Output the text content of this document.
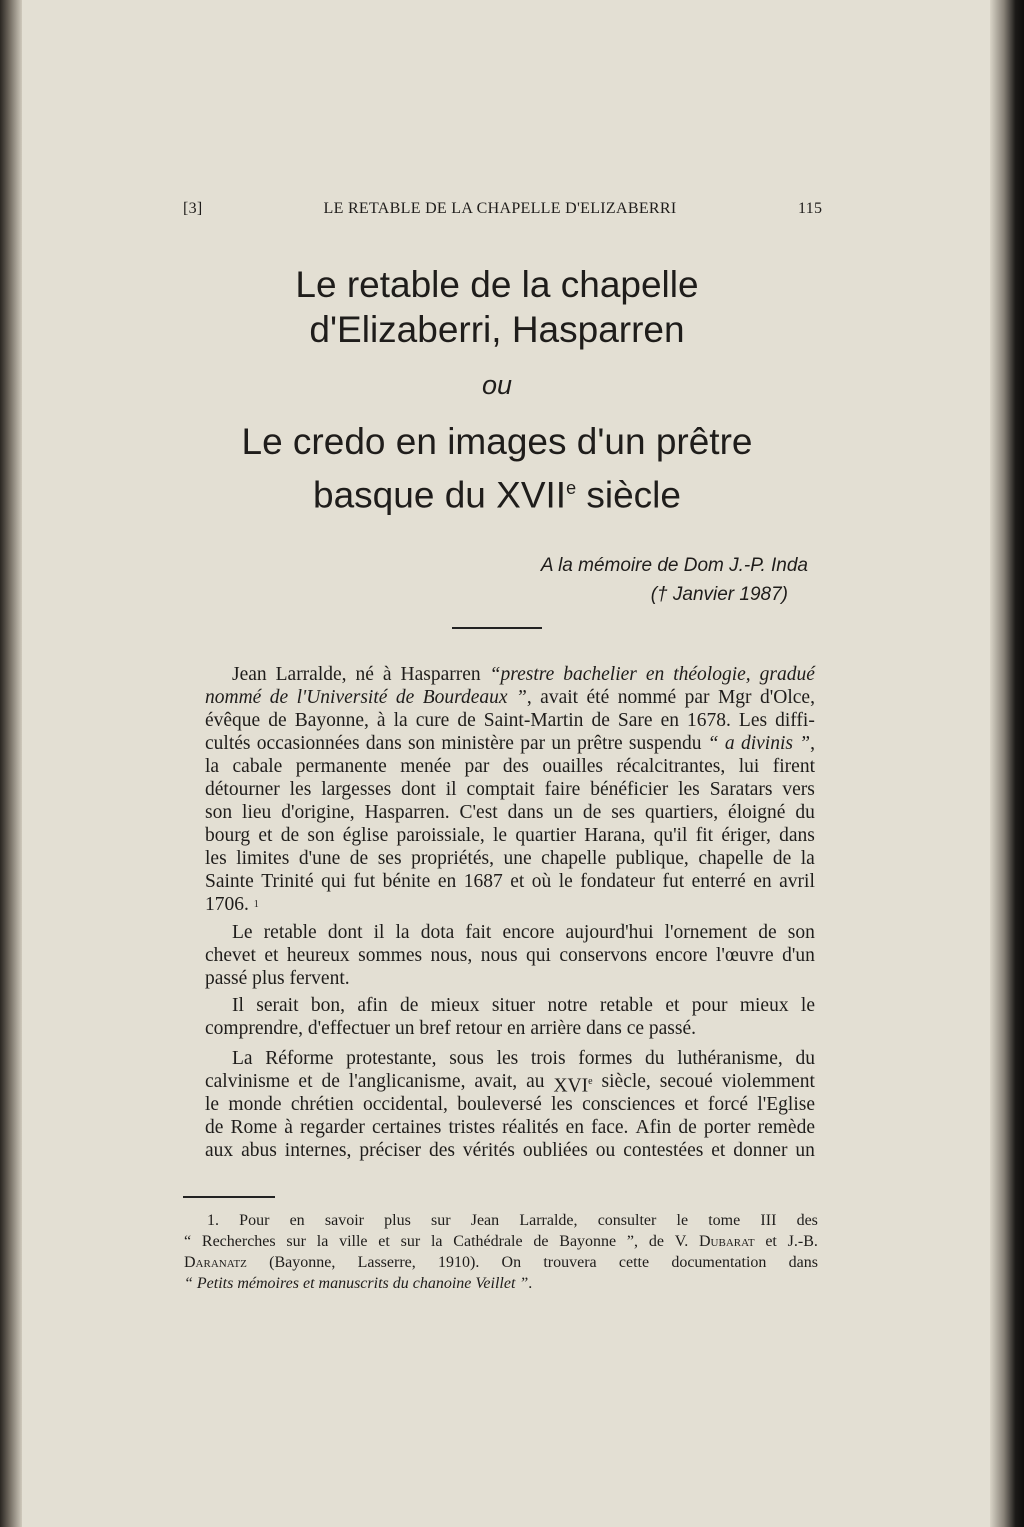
[3]	LE RETABLE DE LA CHAPELLE D'ELIZABERRI	115
Le retable de la chapelle
d'Elizaberri, Hasparren
ou
Le credo en images d'un prêtre
basque du XVIIe siècle
A la mémoire de Dom J.-P. Inda
(† Janvier 1987)
Jean Larralde, né à Hasparren “prestre bachelier en théologie, gradué
nommé de l'Université de Bourdeaux ”, avait été nommé par Mgr d'Olce,
évêque de Bayonne, à la cure de Saint-Martin de Sare en 1678. Les diffi-
cultés occasionnées dans son ministère par un prêtre suspendu “ a divinis ”,
la cabale permanente menée par des ouailles récalcitrantes, lui firent
détourner les largesses dont il comptait faire bénéficier les Saratars vers
son lieu d'origine, Hasparren. C'est dans un de ses quartiers, éloigné du
bourg et de son église paroissiale, le quartier Harana, qu'il fit ériger, dans
les limites d'une de ses propriétés, une chapelle publique, chapelle de la
Sainte Trinité qui fut bénite en 1687 et où le fondateur fut enterré en avril
1706. $^1$
Le retable dont il la dota fait encore aujourd'hui l'ornement de son
chevet et heureux sommes nous, nous qui conservons encore l'œuvre d'un
passé plus fervent.
Il serait bon, afin de mieux situer notre retable et pour mieux le
comprendre, d'effectuer un bref retour en arrière dans ce passé.
La Réforme protestante, sous les trois formes du luthéranisme, du
calvinisme et de l'anglicanisme, avait, au XVIe siècle, secoué violemment
le monde chrétien occidental, bouleversé les consciences et forcé l'Eglise
de Rome à regarder certaines tristes réalités en face. Afin de porter remède
aux abus internes, préciser des vérités oubliées ou contestées et donner un
1. Pour en savoir plus sur Jean Larralde, consulter le tome III des
“ Recherches sur la ville et sur la Cathédrale de Bayonne ”, de V. Dubarat et J.-B.
Daranatz (Bayonne, Lasserre, 1910). On trouvera cette documentation dans
“ Petits mémoires et manuscrits du chanoine Veillet ”.
